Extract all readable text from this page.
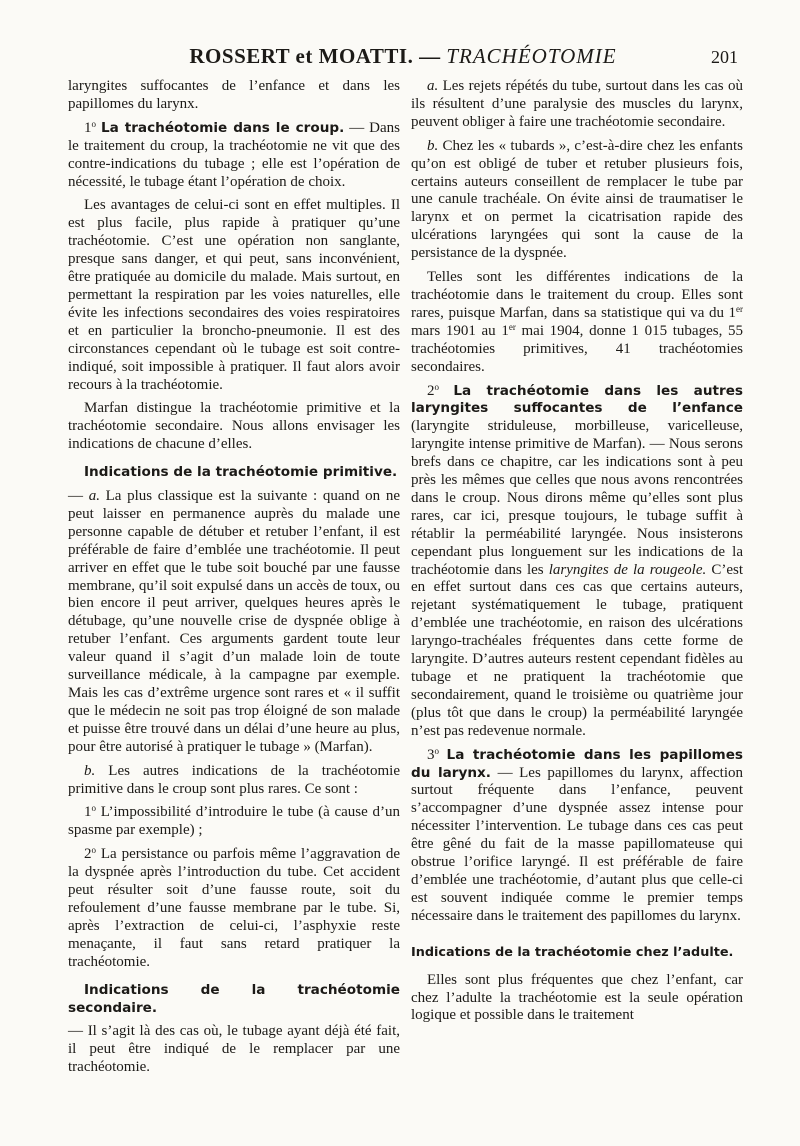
ROSSERT et MOATTI. — TRACHÉOTOMIE	201

laryngites suffocantes de l’enfance et dans les papillomes du larynx.

1$^o$ La trachéotomie dans le croup. — Dans le traitement du croup, la trachéotomie ne vit que des contre-indications du tubage ; elle est l’opération de nécessité, le tubage étant l’opération de choix.

Les avantages de celui-ci sont en effet multiples. Il est plus facile, plus rapide à pratiquer qu’une trachéotomie. C’est une opération non sanglante, presque sans danger, et qui peut, sans inconvénient, être pratiquée au domicile du malade. Mais surtout, en permettant la respiration par les voies naturelles, elle évite les infections secondaires des voies respiratoires et en particulier la broncho-pneumonie. Il est des circonstances cependant où le tubage est soit contre-indiqué, soit impossible à pratiquer. Il faut alors avoir recours à la trachéotomie.

Marfan distingue la trachéotomie primitive et la trachéotomie secondaire. Nous allons envisager les indications de chacune d’elles.

Indications de la trachéotomie primitive.

— a. La plus classique est la suivante : quand on ne peut laisser en permanence auprès du malade une personne capable de détuber et retuber l’enfant, il est préférable de faire d’emblée une trachéotomie. Il peut arriver en effet que le tube soit bouché par une fausse membrane, qu’il soit expulsé dans un accès de toux, ou bien encore il peut arriver, quelques heures après le détubage, qu’une nouvelle crise de dyspnée oblige à retuber l’enfant. Ces arguments gardent toute leur valeur quand il s’agit d’un malade loin de toute surveillance médicale, à la campagne par exemple. Mais les cas d’extrême urgence sont rares et « il suffit que le médecin ne soit pas trop éloigné de son malade et puisse être trouvé dans un délai d’une heure au plus, pour être autorisé à pratiquer le tubage » (Marfan).

b. Les autres indications de la trachéotomie primitive dans le croup sont plus rares. Ce sont :

1$^o$ L’impossibilité d’introduire le tube (à cause d’un spasme par exemple) ;

2$^o$ La persistance ou parfois même l’aggravation de la dyspnée après l’introduction du tube. Cet accident peut résulter soit d’une fausse route, soit du refoulement d’une fausse membrane par le tube. Si, après l’extraction de celui-ci, l’asphyxie reste menaçante, il faut sans retard pratiquer la trachéotomie.

Indications de la trachéotomie secondaire.

— Il s’agit là des cas où, le tubage ayant déjà été fait, il peut être indiqué de le remplacer par une trachéotomie.

a. Les rejets répétés du tube, surtout dans les cas où ils résultent d’une paralysie des muscles du larynx, peuvent obliger à faire une trachéotomie secondaire.

b. Chez les « tubards », c’est-à-dire chez les enfants qu’on est obligé de tuber et retuber plusieurs fois, certains auteurs conseillent de remplacer le tube par une canule trachéale. On évite ainsi de traumatiser le larynx et on permet la cicatrisation rapide des ulcérations laryngées qui sont la cause de la persistance de la dyspnée.

Telles sont les différentes indications de la trachéotomie dans le traitement du croup. Elles sont rares, puisque Marfan, dans sa statistique qui va du 1er mars 1901 au 1er mai 1904, donne 1 015 tubages, 55 trachéotomies primitives, 41 trachéotomies secondaires.

2$^o$ La trachéotomie dans les autres laryngites suffocantes de l’enfance (laryngite striduleuse, morbilleuse, varicelleuse, laryngite intense primitive de Marfan). — Nous serons brefs dans ce chapitre, car les indications sont à peu près les mêmes que celles que nous avons rencontrées dans le croup. Nous dirons même qu’elles sont plus rares, car ici, presque toujours, le tubage suffit à rétablir la perméabilité laryngée. Nous insisterons cependant plus longuement sur les indications de la trachéotomie dans les laryngites de la rougeole. C’est en effet surtout dans ces cas que certains auteurs, rejetant systématiquement le tubage, pratiquent d’emblée une trachéotomie, en raison des ulcérations laryngo-trachéales fréquentes dans cette forme de laryngite. D’autres auteurs restent cependant fidèles au tubage et ne pratiquent la trachéotomie que secondairement, quand le troisième ou quatrième jour (plus tôt que dans le croup) la perméabilité laryngée n’est pas redevenue normale.

3$^o$ La trachéotomie dans les papillomes du larynx. — Les papillomes du larynx, affection surtout fréquente dans l’enfance, peuvent s’accompagner d’une dyspnée assez intense pour nécessiter l’intervention. Le tubage dans ces cas peut être gêné du fait de la masse papillomateuse qui obstrue l’orifice laryngé. Il est préférable de faire d’emblée une trachéotomie, d’autant plus que celle-ci est souvent indiquée comme le premier temps nécessaire dans le traitement des papillomes du larynx.

Indications de la trachéotomie chez l’adulte.

Elles sont plus fréquentes que chez l’enfant, car chez l’adulte la trachéotomie est la seule opération logique et possible dans le traitement
